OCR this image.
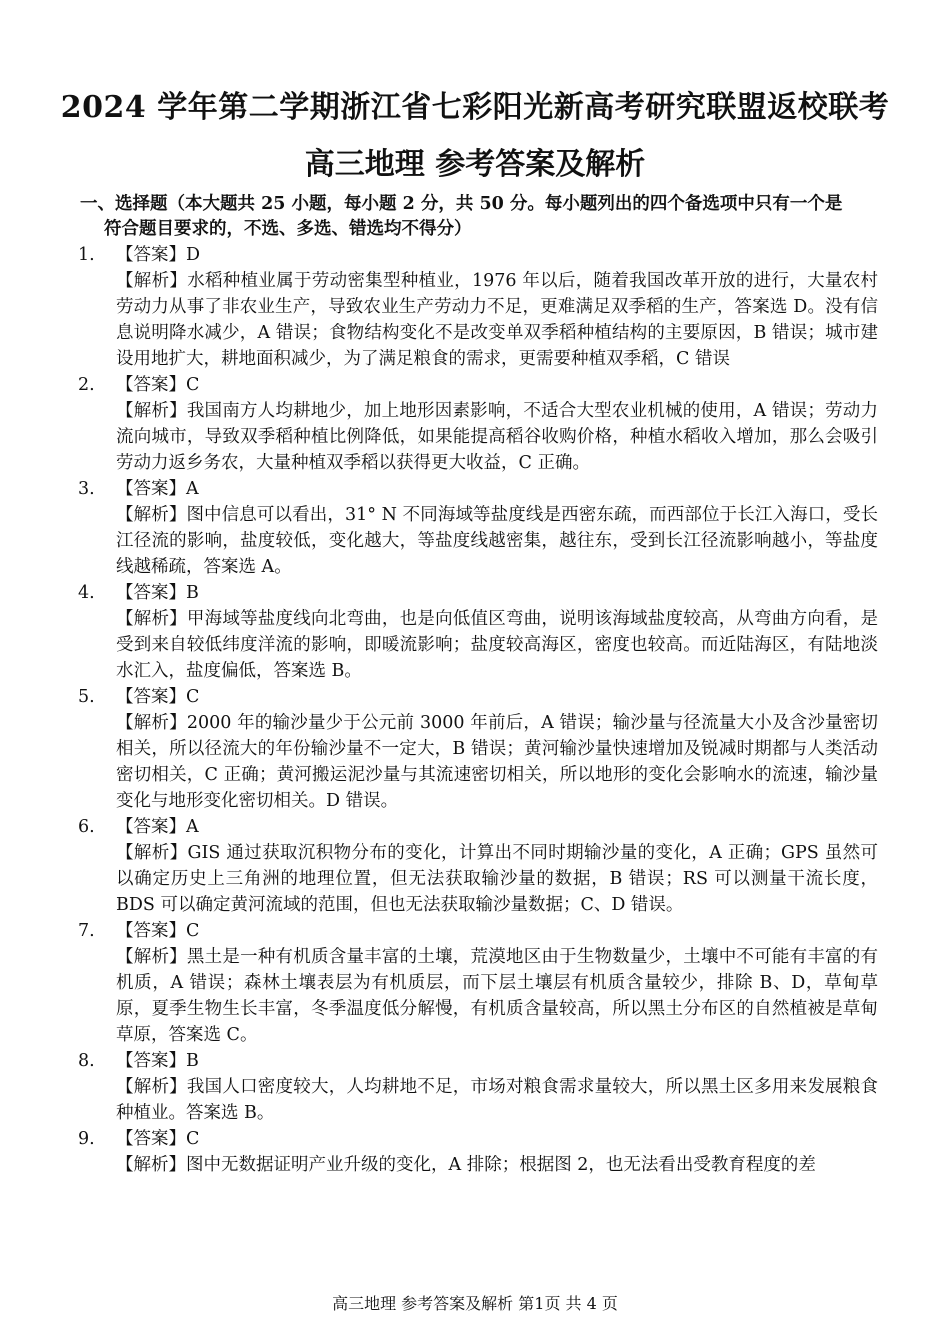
2024 学年第二学期浙江省七彩阳光新高考研究联盟返校联考
高三地理 参考答案及解析
一、选择题（本大题共 25 小题，每小题 2 分，共 50 分。每小题列出的四个备选项中只有一个是
符合题目要求的，不选、多选、错选均不得分）
1.	【答案】D
【解析】水稻种植业属于劳动密集型种植业，1976 年以后，随着我国改革开放的进行，大量农村劳动力从事了非农业生产，导致农业生产劳动力不足，更难满足双季稻的生产，答案选 D。没有信息说明降水减少，A 错误；食物结构变化不是改变单双季稻种植结构的主要原因，B 错误；城市建设用地扩大，耕地面积减少，为了满足粮食的需求，更需要种植双季稻，C 错误
2.	【答案】C
【解析】我国南方人均耕地少，加上地形因素影响，不适合大型农业机械的使用，A 错误；劳动力流向城市，导致双季稻种植比例降低，如果能提高稻谷收购价格，种植水稻收入增加，那么会吸引劳动力返乡务农，大量种植双季稻以获得更大收益，C 正确。
3.	【答案】A
【解析】图中信息可以看出，31° N 不同海域等盐度线是西密东疏，而西部位于长江入海口，受长江径流的影响，盐度较低，变化越大，等盐度线越密集，越往东，受到长江径流影响越小，等盐度线越稀疏，答案选 A。
4.	【答案】B
【解析】甲海域等盐度线向北弯曲，也是向低值区弯曲，说明该海域盐度较高，从弯曲方向看，是受到来自较低纬度洋流的影响，即暖流影响；盐度较高海区，密度也较高。而近陆海区，有陆地淡水汇入，盐度偏低，答案选 B。
5.	【答案】C
【解析】2000 年的输沙量少于公元前 3000 年前后，A 错误；输沙量与径流量大小及含沙量密切相关，所以径流大的年份输沙量不一定大，B 错误；黄河输沙量快速增加及锐减时期都与人类活动密切相关，C 正确；黄河搬运泥沙量与其流速密切相关，所以地形的变化会影响水的流速，输沙量变化与地形变化密切相关。D 错误。
6.	【答案】A
【解析】GIS 通过获取沉积物分布的变化，计算出不同时期输沙量的变化，A 正确；GPS 虽然可以确定历史上三角洲的地理位置，但无法获取输沙量的数据，B 错误；RS 可以测量干流长度，BDS 可以确定黄河流域的范围，但也无法获取输沙量数据；C、D 错误。
7.	【答案】C
【解析】黑土是一种有机质含量丰富的土壤，荒漠地区由于生物数量少，土壤中不可能有丰富的有机质，A 错误；森林土壤表层为有机质层，而下层土壤层有机质含量较少，排除 B、D，草甸草原，夏季生物生长丰富，冬季温度低分解慢，有机质含量较高，所以黑土分布区的自然植被是草甸草原，答案选 C。
8.	【答案】B
【解析】我国人口密度较大，人均耕地不足，市场对粮食需求量较大，所以黑土区多用来发展粮食种植业。答案选 B。
9.	【答案】C
【解析】图中无数据证明产业升级的变化，A 排除；根据图 2，也无法看出受教育程度的差
高三地理 参考答案及解析 第1页 共 4 页
